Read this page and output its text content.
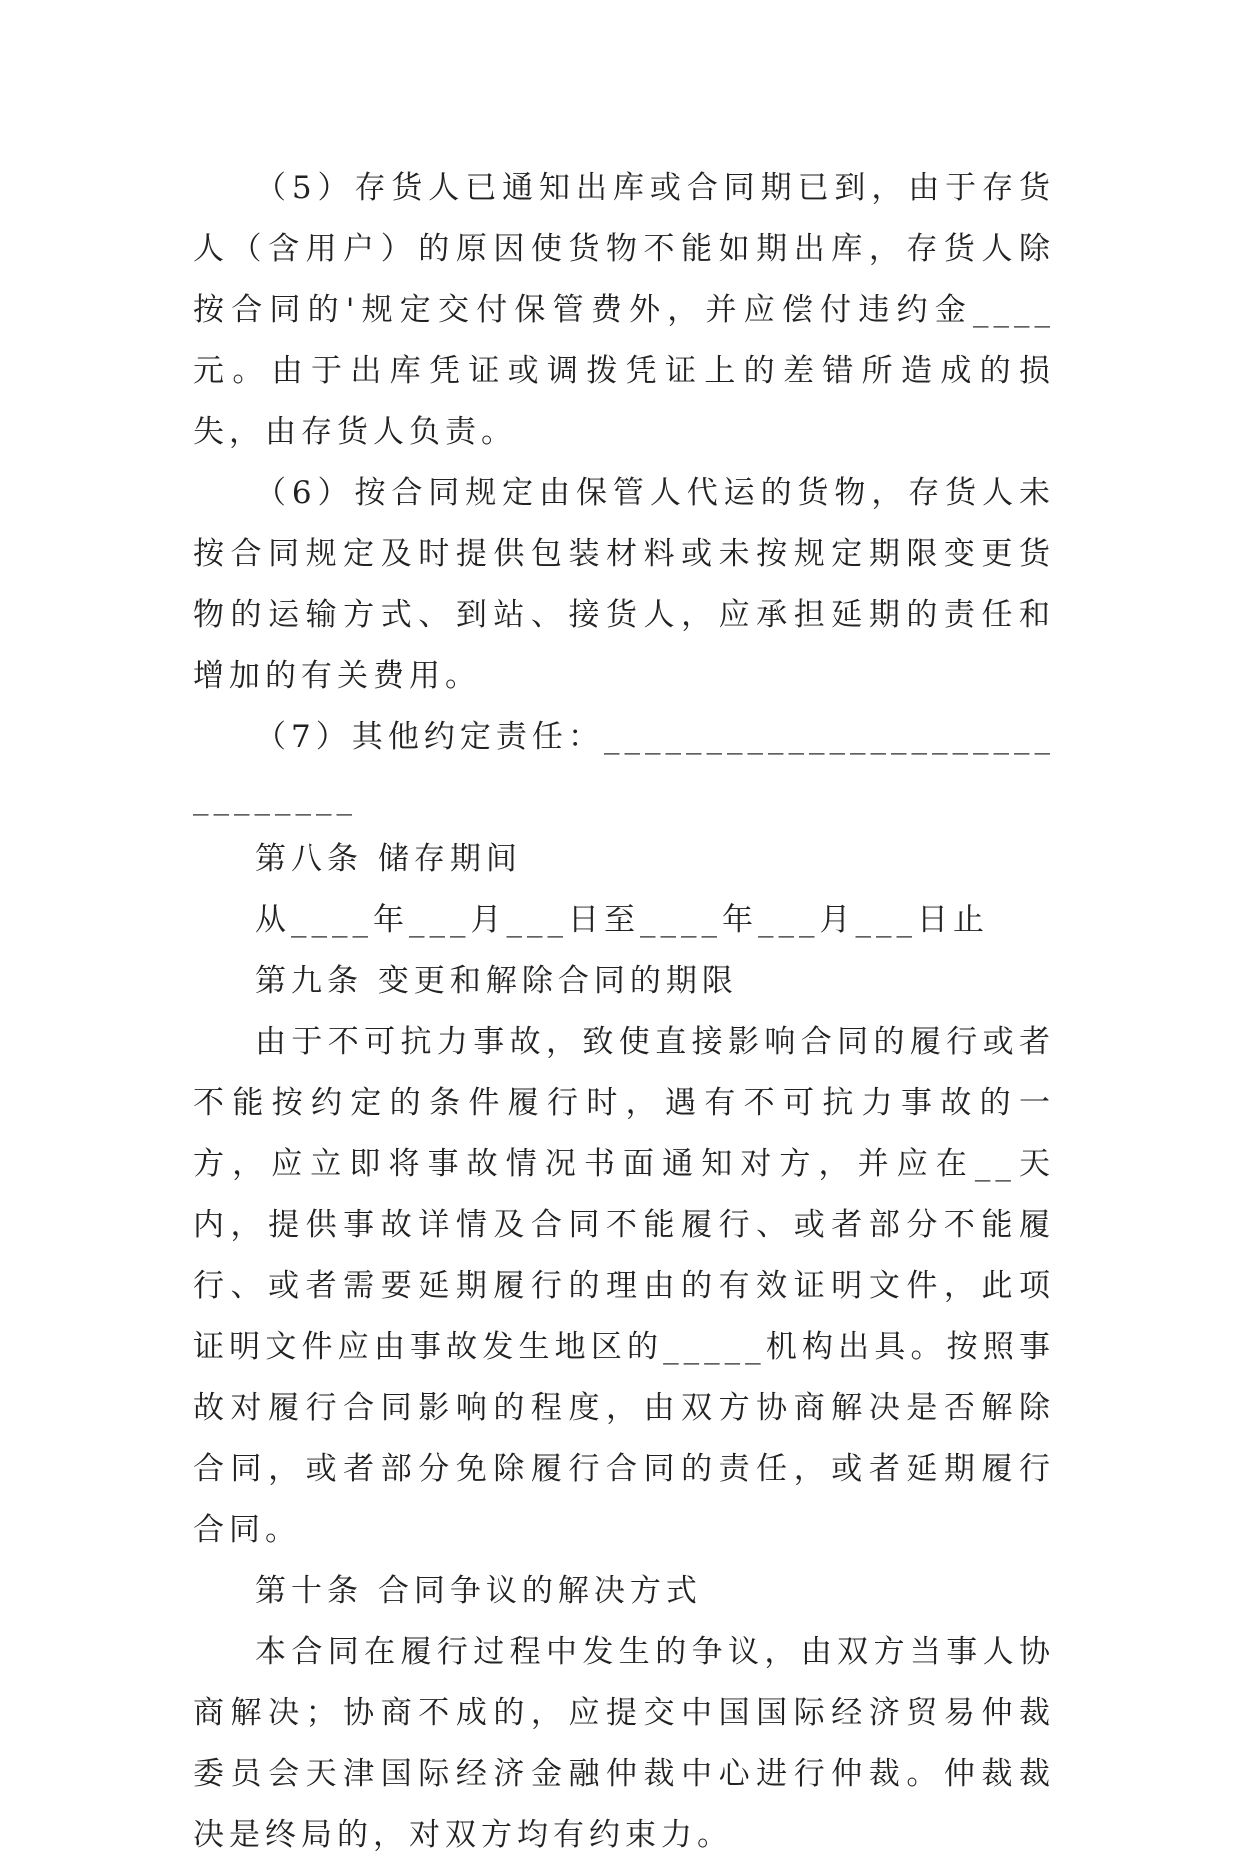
（5）存货人已通知出库或合同期已到，由于存货人（含用户）的原因使货物不能如期出库，存货人除按合同的'规定交付保管费外，并应偿付违约金____元。由于出库凭证或调拨凭证上的差错所造成的损失，由存货人负责。

（6）按合同规定由保管人代运的货物，存货人未按合同规定及时提供包装材料或未按规定期限变更货物的运输方式、到站、接货人，应承担延期的责任和增加的有关费用。

（7）其他约定责任：______________________________

第八条 储存期间

从____年___月___日至____年___月___日止

第九条 变更和解除合同的期限

由于不可抗力事故，致使直接影响合同的履行或者不能按约定的条件履行时，遇有不可抗力事故的一方，应立即将事故情况书面通知对方，并应在__天内，提供事故详情及合同不能履行、或者部分不能履行、或者需要延期履行的理由的有效证明文件，此项证明文件应由事故发生地区的_____机构出具。按照事故对履行合同影响的程度，由双方协商解决是否解除合同，或者部分免除履行合同的责任，或者延期履行合同。

第十条 合同争议的解决方式

本合同在履行过程中发生的争议，由双方当事人协商解决；协商不成的，应提交中国国际经济贸易仲裁委员会天津国际经济金融仲裁中心进行仲裁。仲裁裁决是终局的，对双方均有约束力。
